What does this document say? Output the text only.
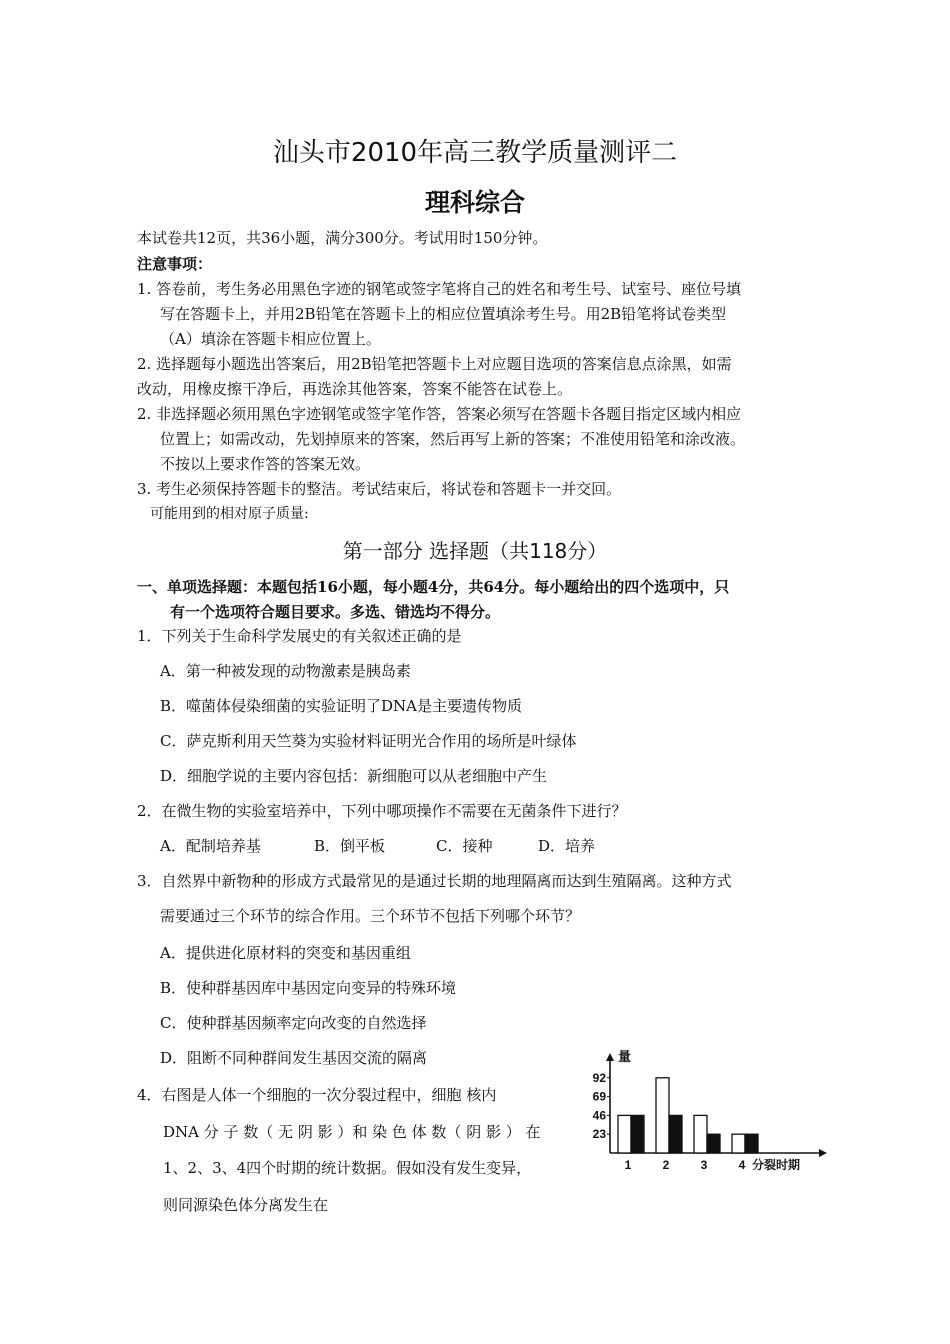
汕头市2010年高三教学质量测评二
理科综合
本试卷共12页，共36小题，满分300分。考试用时150分钟。
注意事项：
1. 答卷前，考生务必用黑色字迹的钢笔或签字笔将自己的姓名和考生号、试室号、座位号填
写在答题卡上，并用2B铅笔在答题卡上的相应位置填涂考生号。用2B铅笔将试卷类型
（A）填涂在答题卡相应位置上。
2. 选择题每小题选出答案后，用2B铅笔把答题卡上对应题目选项的答案信息点涂黑，如需
改动，用橡皮擦干净后，再选涂其他答案，答案不能答在试卷上。
2. 非选择题必须用黑色字迹钢笔或签字笔作答，答案必须写在答题卡各题目指定区域内相应
位置上；如需改动，先划掉原来的答案，然后再写上新的答案；不准使用铅笔和涂改液。
不按以上要求作答的答案无效。
3. 考生必须保持答题卡的整洁。考试结束后，将试卷和答题卡一并交回。
可能用到的相对原子质量:
第一部分 选择题（共118分）
一、单项选择题：本题包括16小题，每小题4分，共64分。每小题给出的四个选项中，只
有一个选项符合题目要求。多选、错选均不得分。
1．下列关于生命科学发展史的有关叙述正确的是
A．第一种被发现的动物激素是胰岛素
B．噬菌体侵染细菌的实验证明了DNA是主要遗传物质
C．萨克斯利用天竺葵为实验材料证明光合作用的场所是叶绿体
D．细胞学说的主要内容包括：新细胞可以从老细胞中产生
2．在微生物的实验室培养中，下列中哪项操作不需要在无菌条件下进行？
A．配制培养基	B．倒平板	C．接种	D．培养
3．自然界中新物种的形成方式最常见的是通过长期的地理隔离而达到生殖隔离。这种方式
需要通过三个环节的综合作用。三个环节不包括下列哪个环节？
A．提供进化原材料的突变和基因重组
B．使种群基因库中基因定向变异的特殊环境
C．使种群基因频率定向改变的自然选择
D．阻断不同种群间发生基因交流的隔离
4．右图是人体一个细胞的一次分裂过程中，细胞 核内
DNA 分 子 数（ 无 阴 影 ）和 染 色 体 数（ 阴 影 ） 在
1、2、3、4四个时期的统计数据。假如没有发生变异，
则同源染色体分离发生在
量
23
46
69
92
1	2	3	4 分裂时期
